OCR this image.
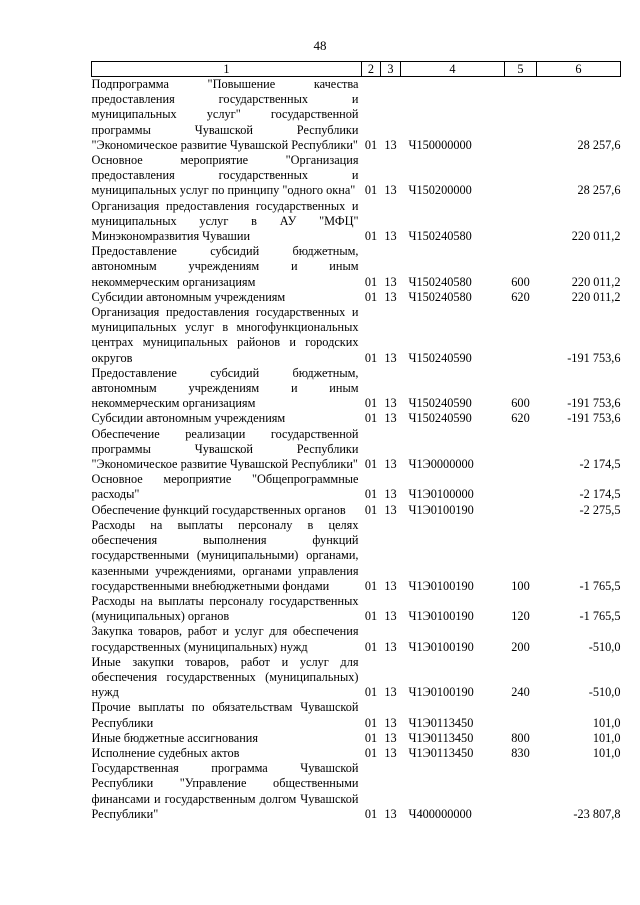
48
1	2	3	4	5	6
Подпрограмма "Повышение качества предоставления государственных и муниципальных услуг" государственной программы Чувашской Республики "Экономическое развитие Чувашской Республики"	01	13	Ч150000000		28 257,6
Основное мероприятие "Организация предоставления государственных и муниципальных услуг по принципу "одного окна"	01	13	Ч150200000		28 257,6
Организация предоставления государственных и муниципальных услуг в АУ "МФЦ" Минэкономразвития Чувашии	01	13	Ч150240580		220 011,2
Предоставление субсидий бюджетным, автономным учреждениям и иным некоммерческим организациям	01	13	Ч150240580	600	220 011,2
Субсидии автономным учреждениям	01	13	Ч150240580	620	220 011,2
Организация предоставления государственных и муниципальных услуг в многофункциональных центрах муниципальных районов и городских округов	01	13	Ч150240590		-191 753,6
Предоставление субсидий бюджетным, автономным учреждениям и иным некоммерческим организациям	01	13	Ч150240590	600	-191 753,6
Субсидии автономным учреждениям	01	13	Ч150240590	620	-191 753,6
Обеспечение реализации государственной программы Чувашской Республики "Экономическое развитие Чувашской Республики"	01	13	Ч1Э0000000		-2 174,5
Основное мероприятие "Общепрограммные расходы"	01	13	Ч1Э0100000		-2 174,5
Обеспечение функций государственных органов	01	13	Ч1Э0100190		-2 275,5
Расходы на выплаты персоналу в целях обеспечения выполнения функций государственными (муниципальными) органами, казенными учреждениями, органами управления государственными внебюджетными фондами	01	13	Ч1Э0100190	100	-1 765,5
Расходы на выплаты персоналу государственных (муниципальных) органов	01	13	Ч1Э0100190	120	-1 765,5
Закупка товаров, работ и услуг для обеспечения государственных (муниципальных) нужд	01	13	Ч1Э0100190	200	-510,0
Иные закупки товаров, работ и услуг для обеспечения государственных (муниципальных) нужд	01	13	Ч1Э0100190	240	-510,0
Прочие выплаты по обязательствам Чувашской Республики	01	13	Ч1Э0113450		101,0
Иные бюджетные ассигнования	01	13	Ч1Э0113450	800	101,0
Исполнение судебных актов	01	13	Ч1Э0113450	830	101,0
Государственная программа Чувашской Республики "Управление общественными финансами и государственным долгом Чувашской Республики"	01	13	Ч400000000		-23 807,8
